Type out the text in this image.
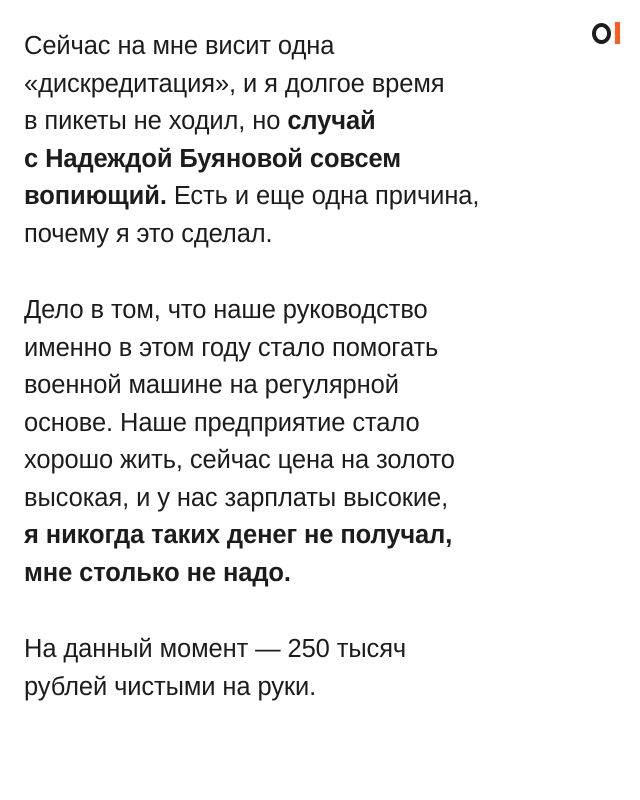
Сейчас на мне висит одна
«дискредитация», и я долгое время
в пикеты не ходил, но случай
с Надеждой Буяновой совсем
вопиющий. Есть и еще одна причина,
почему я это сделал.

Дело в том, что наше руководство
именно в этом году стало помогать
военной машине на регулярной
основе. Наше предприятие стало
хорошо жить, сейчас цена на золото
высокая, и у нас зарплаты высокие,
я никогда таких денег не получал,
мне столько не надо.

На данный момент — 250 тысяч
рублей чистыми на руки.
